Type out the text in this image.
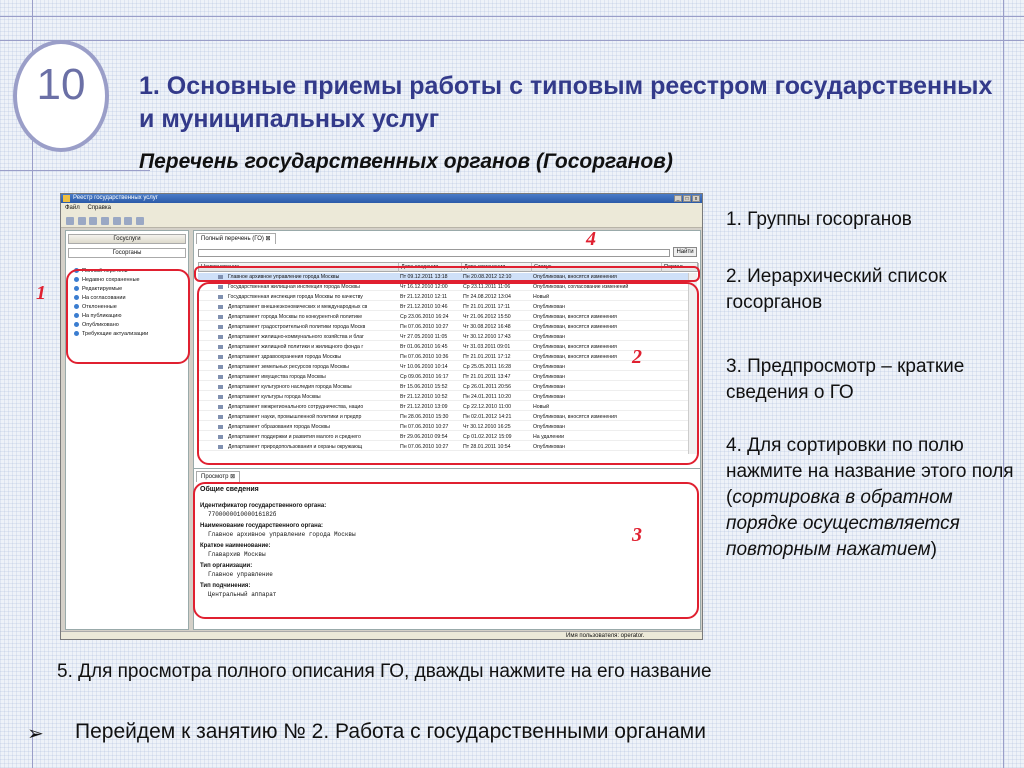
10	1. Основные приемы работы с типовым реестром государственных и муниципальных услуг
Перечень государственных органов (Госорганов)
Реестр государственных услуг	_ □ x
Файл Справка

Госуслуги
Госорганы
Полный перечень
Недавно сохраненные
Редактируемые
На согласовании
Отклоненные
На публикацию
Опубликовано
Требующие актуализации
Полный перечень (ГО) ⊠
Найти
Наименование	Дата создания	Дата изменения	Статус	Портал
Главное архивное управление города Москвы	Пт 09.12.2011 13:18	Пн 20.08.2012 12:10	Опубликован, вносятся изменения
Государственная жилищная инспекция города Москвы	Чт 16.12.2010 12:00	Ср 23.11.2011 11:06	Опубликован, согласование изменений
Государственная инспекция города Москвы по качеству	Вт 21.12.2010 12:11	Пт 24.08.2012 13:04	Новый
Департамент внешнеэкономических и международных св	Вт 21.12.2010 10:46	Пт 21.01.2011 17:11	Опубликован
Департамент города Москвы по конкурентной политике	Ср 23.06.2010 16:24	Чт 21.06.2012 15:50	Опубликован, вносятся изменения
Департамент градостроительной политики города Москв	Пн 07.06.2010 10:27	Чт 30.08.2012 16:48	Опубликован, вносятся изменения
Департамент жилищно-коммунального хозяйства и благ	Чт 27.05.2010 11:05	Чт 30.12.2010 17:43	Опубликован
Департамент жилищной политики и жилищного фонда г	Вт 01.06.2010 16:45	Чт 31.03.2011 09:01	Опубликован, вносятся изменения
Департамент здравоохранения города Москвы	Пн 07.06.2010 10:36	Пт 21.01.2011 17:12	Опубликован, вносятся изменения
Департамент земельных ресурсов города Москвы	Чт 10.06.2010 10:14	Ср 25.05.2011 16:28	Опубликован
Департамент имущества города Москвы	Ср 09.06.2010 16:17	Пт 21.01.2011 13:47	Опубликован
Департамент культурного наследия города Москвы	Вт 15.06.2010 15:52	Ср 26.01.2011 20:56	Опубликован
Департамент культуры города Москвы	Вт 21.12.2010 10:52	Пн 24.01.2011 10:20	Опубликован
Департамент межрегионального сотрудничества, нацио	Вт 21.12.2010 13:09	Ср 22.12.2010 11:00	Новый
Департамент науки, промышленной политики и предпр	Пн 28.06.2010 15:30	Пн 02.01.2012 14:21	Опубликован, вносятся изменения
Департамент образования города Москвы	Пн 07.06.2010 10:27	Чт 30.12.2010 16:25	Опубликован
Департамент поддержки и развития малого и среднего	Вт 29.06.2010 09:54	Ср 01.02.2012 15:09	На удалении
Департамент природопользования и охраны окружающ	Пн 07.06.2010 10:27	Пт 28.01.2011 10:54	Опубликован
Просмотр ⊠
Общие сведения
Идентификатор государственного органа:
770000001000016182б
Наименование государственного органа:
Главное архивное управление города Москвы
Краткое наименование:
Главархив Москвы
Тип организации:
Главное управление
Тип подчинения:
Центральный аппарат
Имя пользователя: operator.
1
2
3
4
1. Группы госорганов
2. Иерархический список госорганов
3. Предпросмотр – краткие сведения о ГО
4. Для сортировки по полю нажмите на название этого поля (сортировка в обратном порядке осуществляется повторным нажатием)
5. Для просмотра полного описания ГО, дважды нажмите на его название
➢ Перейдем к занятию № 2. Работа с государственными органами
